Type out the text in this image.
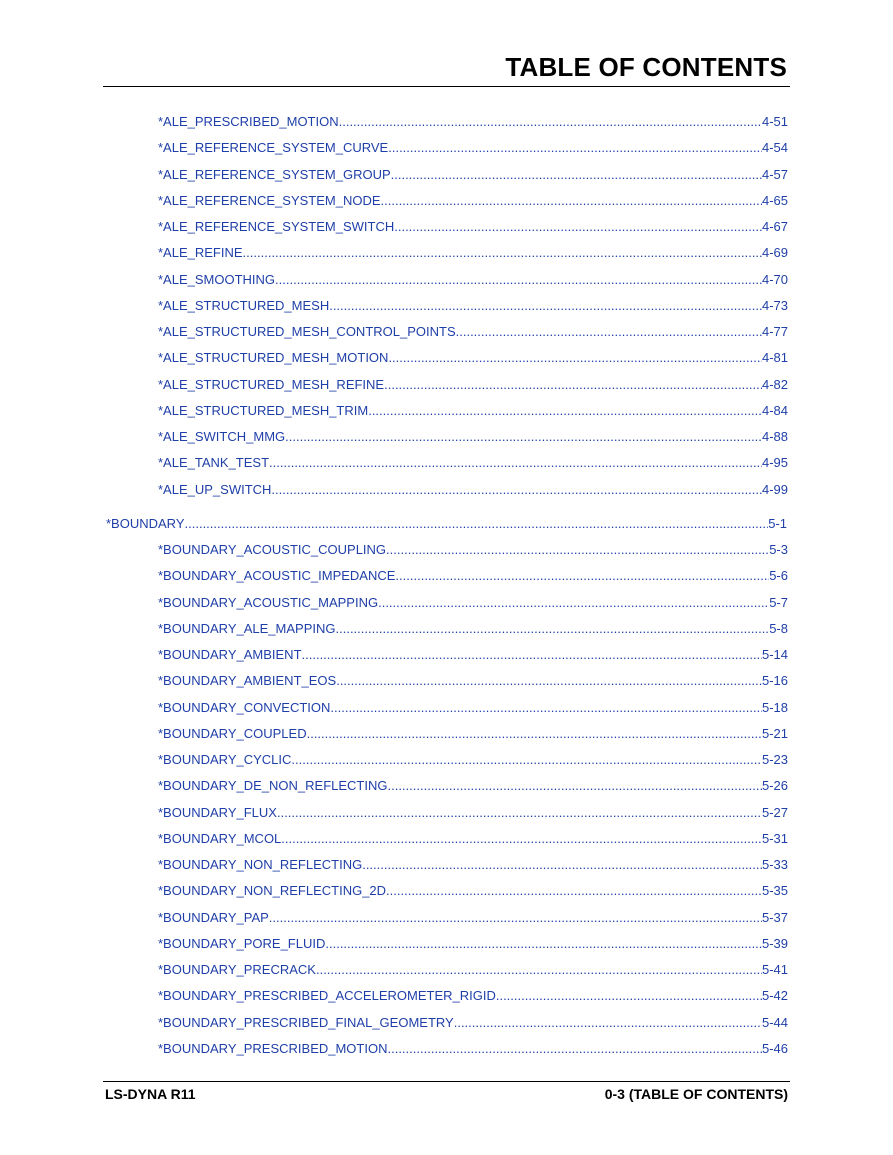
TABLE OF CONTENTS
*ALE_PRESCRIBED_MOTION .....	4-51
*ALE_REFERENCE_SYSTEM_CURVE .....	4-54
*ALE_REFERENCE_SYSTEM_GROUP .....	4-57
*ALE_REFERENCE_SYSTEM_NODE .....	4-65
*ALE_REFERENCE_SYSTEM_SWITCH .....	4-67
*ALE_REFINE .....	4-69
*ALE_SMOOTHING .....	4-70
*ALE_STRUCTURED_MESH .....	4-73
*ALE_STRUCTURED_MESH_CONTROL_POINTS .....	4-77
*ALE_STRUCTURED_MESH_MOTION .....	4-81
*ALE_STRUCTURED_MESH_REFINE .....	4-82
*ALE_STRUCTURED_MESH_TRIM .....	4-84
*ALE_SWITCH_MMG .....	4-88
*ALE_TANK_TEST .....	4-95
*ALE_UP_SWITCH .....	4-99
*BOUNDARY .....	5-1
*BOUNDARY_ACOUSTIC_COUPLING .....	5-3
*BOUNDARY_ACOUSTIC_IMPEDANCE .....	5-6
*BOUNDARY_ACOUSTIC_MAPPING .....	5-7
*BOUNDARY_ALE_MAPPING .....	5-8
*BOUNDARY_AMBIENT .....	5-14
*BOUNDARY_AMBIENT_EOS .....	5-16
*BOUNDARY_CONVECTION .....	5-18
*BOUNDARY_COUPLED .....	5-21
*BOUNDARY_CYCLIC .....	5-23
*BOUNDARY_DE_NON_REFLECTING .....	5-26
*BOUNDARY_FLUX .....	5-27
*BOUNDARY_MCOL .....	5-31
*BOUNDARY_NON_REFLECTING .....	5-33
*BOUNDARY_NON_REFLECTING_2D .....	5-35
*BOUNDARY_PAP .....	5-37
*BOUNDARY_PORE_FLUID .....	5-39
*BOUNDARY_PRECRACK .....	5-41
*BOUNDARY_PRESCRIBED_ACCELEROMETER_RIGID .....	5-42
*BOUNDARY_PRESCRIBED_FINAL_GEOMETRY .....	5-44
*BOUNDARY_PRESCRIBED_MOTION .....	5-46
LS-DYNA R11	0-3 (TABLE OF CONTENTS)
